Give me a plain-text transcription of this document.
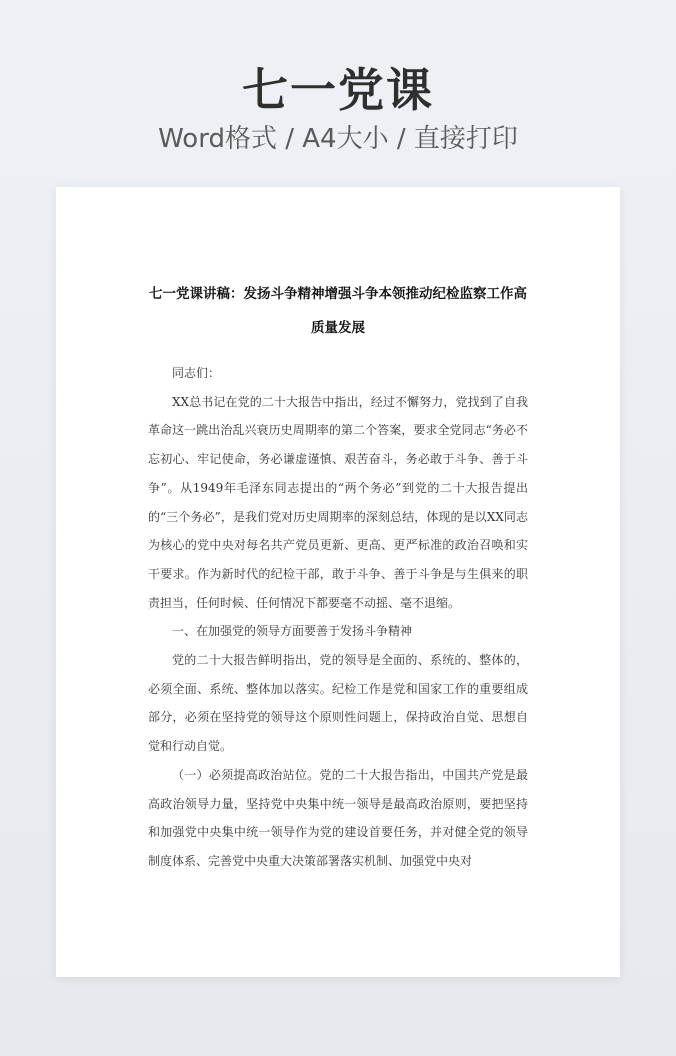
七一党课
Word格式 / A4大小 / 直接打印
七一党课讲稿：发扬斗争精神增强斗争本领推动纪检监察工作高质量发展

同志们：

XX总书记在党的二十大报告中指出，经过不懈努力，党找到了自我革命这一跳出治乱兴衰历史周期率的第二个答案，要求全党同志“务必不忘初心、牢记使命，务必谦虚谨慎、艰苦奋斗，务必敢于斗争、善于斗争”。从1949年毛泽东同志提出的“两个务必”到党的二十大报告提出的“三个务必”，是我们党对历史周期率的深刻总结，体现的是以XX同志为核心的党中央对每名共产党员更新、更高、更严标准的政治召唤和实干要求。作为新时代的纪检干部，敢于斗争、善于斗争是与生俱来的职责担当，任何时候、任何情况下都要毫不动摇、毫不退缩。

一、在加强党的领导方面要善于发扬斗争精神

党的二十大报告鲜明指出，党的领导是全面的、系统的、整体的，必须全面、系统、整体加以落实。纪检工作是党和国家工作的重要组成部分，必须在坚持党的领导这个原则性问题上，保持政治自觉、思想自觉和行动自觉。

（一）必须提高政治站位。党的二十大报告指出，中国共产党是最高政治领导力量，坚持党中央集中统一领导是最高政治原则，要把坚持和加强党中央集中统一领导作为党的建设首要任务，并对健全党的领导制度体系、完善党中央重大决策部署落实机制、加强党中央对
